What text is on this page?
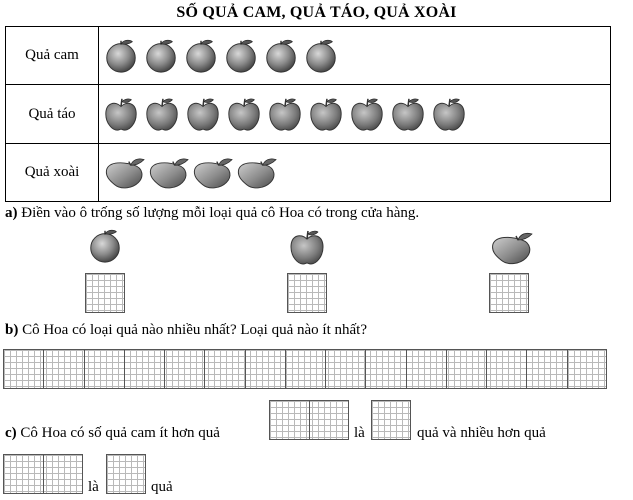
SỐ QUẢ CAM, QUẢ TÁO, QUẢ XOÀI
Quả cam
Quả táo
Quả xoài
a) Điền vào ô trống số lượng mỗi loại quả cô Hoa có trong cửa hàng.
b) Cô Hoa có loại quả nào nhiều nhất? Loại quả nào ít nhất?
c) Cô Hoa có số quả cam ít hơn quả	là	quả và nhiều hơn quả
là	quả
